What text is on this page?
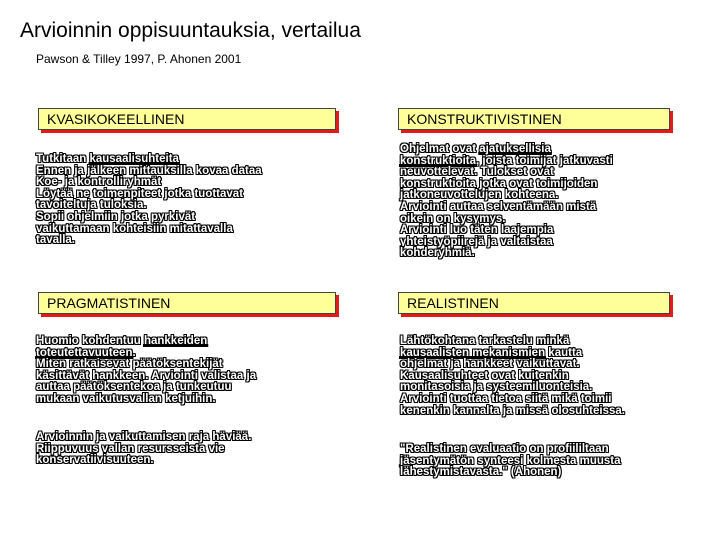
Arvioinnin oppisuuntauksia, vertailua
Pawson & Tilley 1997, P. Ahonen 2001
KVASIKOKEELLINEN	KONSTRUKTIVISTINEN
PRAGMATISTINEN	REALISTINEN
Tutkitaan kausaalisuhteita
Ennen ja jälkeen mittauksilla kovaa dataa
Koe- ja kontrolliryhmät
Löytää ne toimenpiteet jotka tuottavat
tavoiteltuja tuloksia.
Sopii ohjelmiin jotka pyrkivät
vaikuttamaan kohteisiin mitattavalla
tavalla.
Ohjelmat ovat ajatuksellisia
konstruktioita, joista toimijat jatkuvasti
neuvottelevat. Tulokset ovat
konstruktioita jotka ovat toimijoiden
jatkoneuvottelujen kohteena.
Arviointi auttaa selventämään mistä
oikein on kysymys.
Arviointi luo täten laajempia
yhteistyöpiirejä ja valtaistaa
kohderyhmiä.
Huomio kohdentuu hankkeiden
toteutettavuuteen.
Miten ratkaisevat päätöksentekijät
käsittävät hankkeen. Arviointi valistaa ja
auttaa päätöksentekoa ja tunkeutuu
mukaan vaikutusvallan ketjuihin.
Arvioinnin ja vaikuttamisen raja häviää.
Riippuvuus vallan resursseista vie
konservatiivisuuteen.
Lähtökohtana tarkastelu minkä
kausaalisten mekanismien kautta
ohjelmat ja hankkeet vaikuttavat.
Kausaalisuhteet ovat kuitenkin
monitasoisia ja systeemiluonteisia.
Arviointi tuottaa tietoa siitä mikä toimii
kenenkin kannalta ja missä olosuhteissa.
"Realistinen evaluaatio on profiililtaan
jäsentymätön synteesi kolmesta muusta
lähestymistavasta." (Ahonen)
